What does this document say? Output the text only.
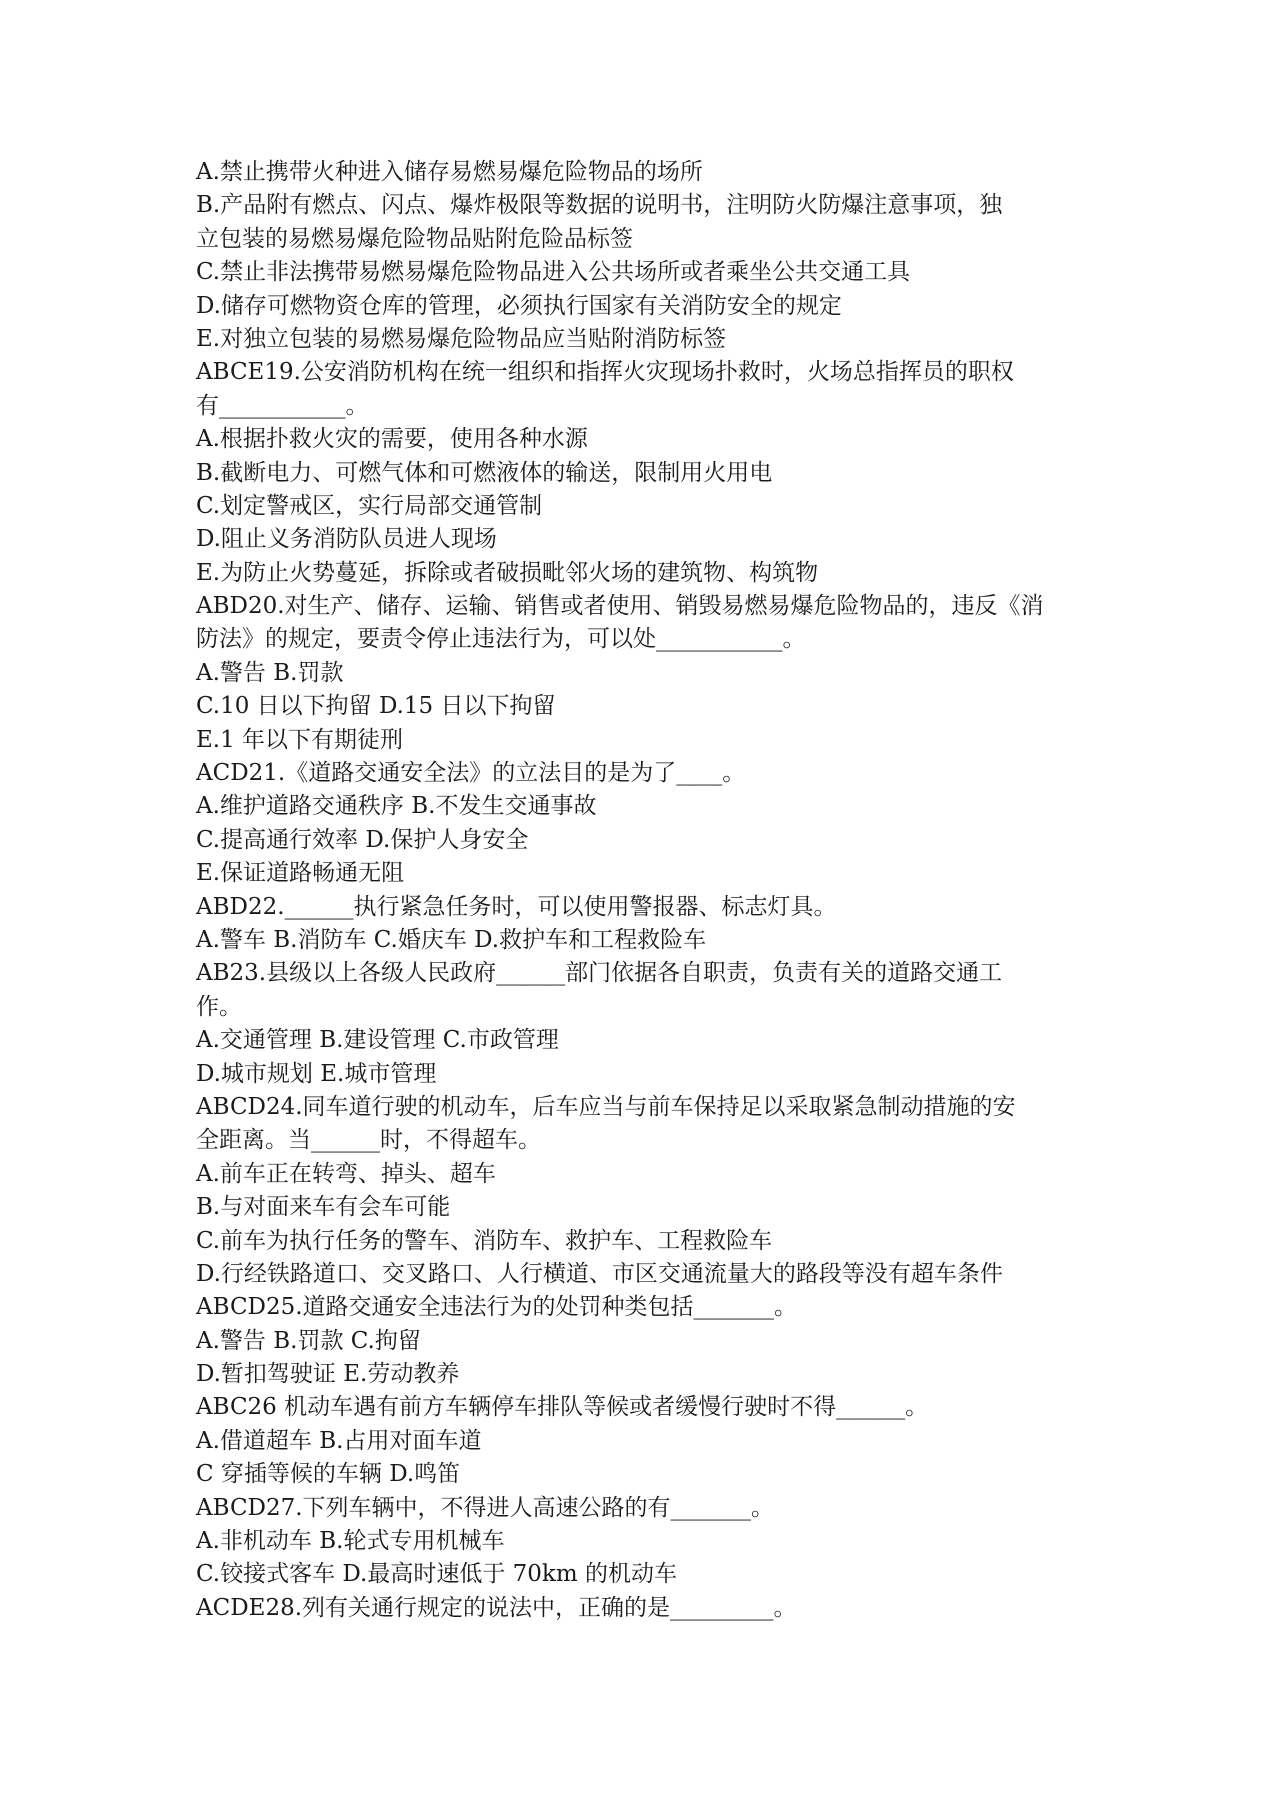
A.禁止携带火种进入储存易燃易爆危险物品的场所
B.产品附有燃点、闪点、爆炸极限等数据的说明书，注明防火防爆注意事项，独
立包装的易燃易爆危险物品贴附危险品标签
C.禁止非法携带易燃易爆危险物品进入公共场所或者乘坐公共交通工具
D.储存可燃物资仓库的管理，必须执行国家有关消防安全的规定
E.对独立包装的易燃易爆危险物品应当贴附消防标签
ABCE19.公安消防机构在统一组织和指挥火灾现场扑救时，火场总指挥员的职权
有___________。
A.根据扑救火灾的需要，使用各种水源
B.截断电力、可燃气体和可燃液体的输送，限制用火用电
C.划定警戒区，实行局部交通管制
D.阻止义务消防队员进人现场
E.为防止火势蔓延，拆除或者破损毗邻火场的建筑物、构筑物
ABD20.对生产、储存、运输、销售或者使用、销毁易燃易爆危险物品的，违反《消
防法》的规定，要责令停止违法行为，可以处___________。
A.警告 B.罚款
C.10 日以下拘留 D.15 日以下拘留
E.1 年以下有期徒刑
ACD21.《道路交通安全法》的立法目的是为了____。
A.维护道路交通秩序 B.不发生交通事故
C.提高通行效率 D.保护人身安全
E.保证道路畅通无阻
ABD22.______执行紧急任务时，可以使用警报器、标志灯具。
A.警车 B.消防车 C.婚庆车 D.救护车和工程救险车
AB23.县级以上各级人民政府______部门依据各自职责，负责有关的道路交通工
作。
A.交通管理 B.建设管理 C.市政管理
D.城市规划 E.城市管理
ABCD24.同车道行驶的机动车，后车应当与前车保持足以采取紧急制动措施的安
全距离。当______时，不得超车。
A.前车正在转弯、掉头、超车
B.与对面来车有会车可能
C.前车为执行任务的警车、消防车、救护车、工程救险车
D.行经铁路道口、交叉路口、人行横道、市区交通流量大的路段等没有超车条件
ABCD25.道路交通安全违法行为的处罚种类包括_______。
A.警告 B.罚款 C.拘留
D.暂扣驾驶证 E.劳动教养
ABC26 机动车遇有前方车辆停车排队等候或者缓慢行驶时不得______。
A.借道超车 B.占用对面车道
C 穿插等候的车辆 D.鸣笛
ABCD27.下列车辆中，不得进人高速公路的有_______。
A.非机动车 B.轮式专用机械车
C.铰接式客车 D.最高时速低于 70km 的机动车
ACDE28.列有关通行规定的说法中，正确的是_________。
